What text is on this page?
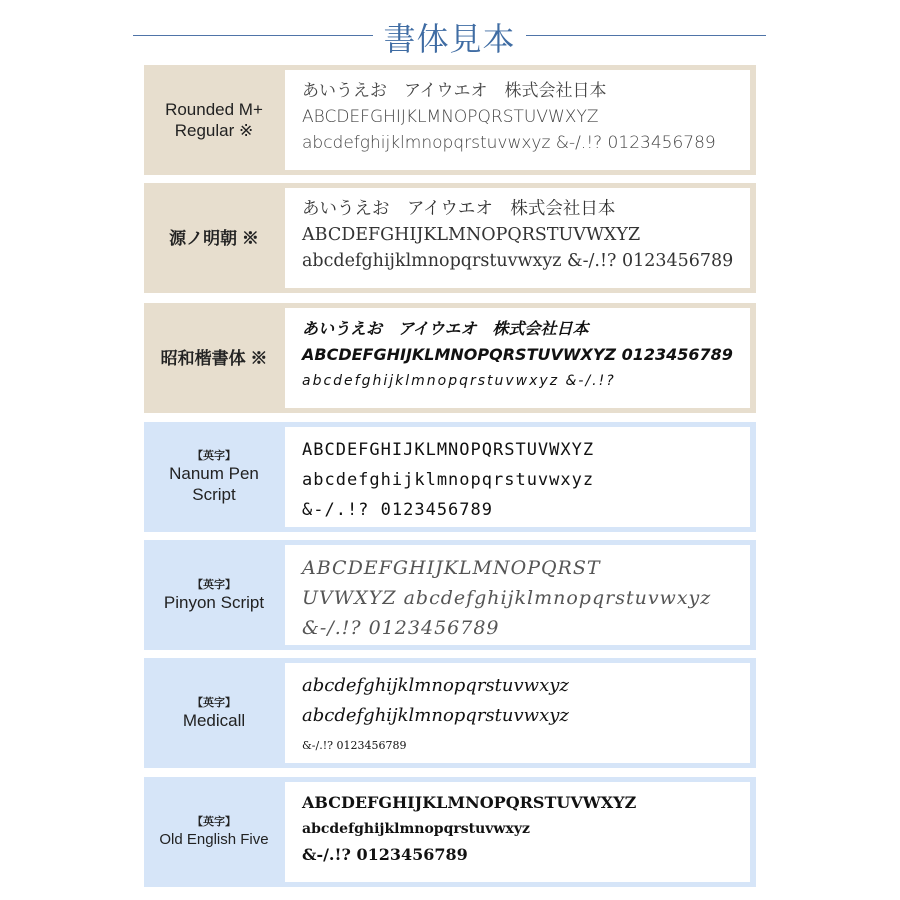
書体見本
Rounded M+
Regular ※
あいうえお　アイウエオ　株式会社日本
ABCDEFGHIJKLMNOPQRSTUVWXYZ
abcdefghijklmnopqrstuvwxyz &-/.!? 0123456789
源ノ明朝 ※
あいうえお　アイウエオ　株式会社日本
ABCDEFGHIJKLMNOPQRSTUVWXYZ
abcdefghijklmnopqrstuvwxyz &-/.!? 0123456789
昭和楷書体 ※
あいうえお　アイウエオ　株式会社日本
ABCDEFGHIJKLMNOPQRSTUVWXYZ 0123456789
abcdefghijklmnopqrstuvwxyz &-/.!?
【英字】
Nanum Pen
Script
ABCDEFGHIJKLMNOPQRSTUVWXYZ
abcdefghijklmnopqrstuvwxyz
&-/.!? 0123456789
【英字】
Pinyon Script
ABCDEFGHIJKLMNOPQRST
UVWXYZ abcdefghijklmnopqrstuvwxyz
&-/.!? 0123456789
【英字】
Medicall
abcdefghijklmnopqrstuvwxyz
abcdefghijklmnopqrstuvwxyz
&-/.!? 0123456789
【英字】
Old English Five
ABCDEFGHIJKLMNOPQRSTUVWXYZ
abcdefghijklmnopqrstuvwxyz
&-/.!? 0123456789
